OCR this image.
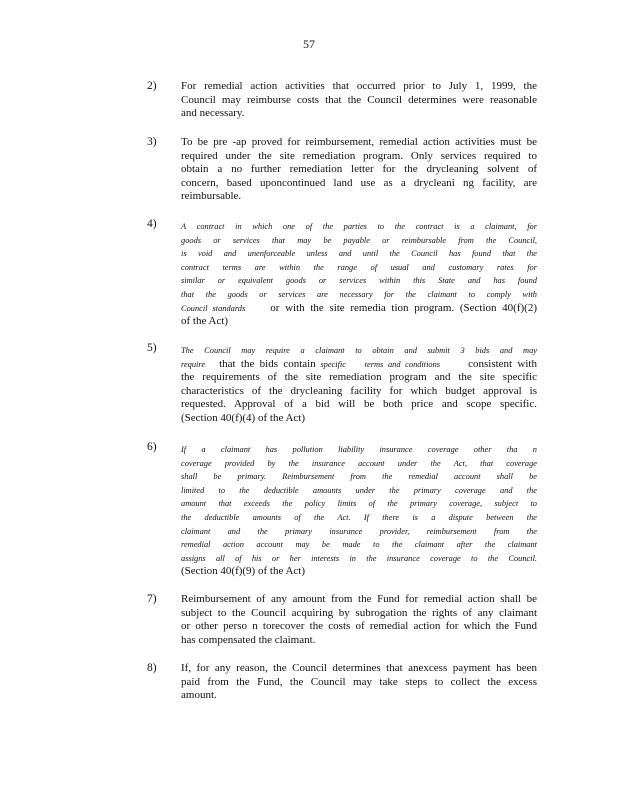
57
2) For remedial action activities that occurred prior to July 1, 1999, the
Council may reimburse costs that the Council determines were reasonable
and necessary.
3) To be pre -ap proved for reimbursement, remedial action activities must be
required under the site remediation program. Only services required to
obtain a no further remediation letter for the drycleaning solvent of
concern, based uponcontinued land use as a drycleani ng facility, are
reimbursable.
4)	A contract in which one of the parties to the contract is a claimant, for
goods or services that may be payable or reimbursable from the Council,
is void and unenforceable unless and until the Council has found that the
contract terms are within the range of usual and customary rates for
similar or equivalent goods or services within this State and has found
that the goods or services are necessary for the claimant to comply with
Council standards or with the site remedia tion program. (Section 40(f)(2)
of the Act)
5)	The Council may require a claimant to obtain and submit 3 bids and may
require that the bids contain specific terms and conditions	consistent with
the requirements of the site remediation program and the site specific
characteristics of the drycleaning facility for which budget approval is
requested. Approval of a bid will be both price and scope specific.
(Section 40(f)(4) of the Act)
6)	If a claimant has pollution liability insurance coverage other tha n
coverage provided by the insurance account under the Act, that coverage
shall be primary. Reimbursement from the remedial account shall be
limited to the deductible amounts under the primary coverage and the
amount that exceeds the policy limits of the primary coverage, subject to
the deductible amounts of the Act. If there is a dispute between the
claimant and the primary insurance provider, reimbursement from the
remedial action account may be made to the claimant after the claimant
assigns all of his or her interests in the insurance coverage to the Council.
(Section 40(f)(9) of the Act)
7) Reimbursement of any amount from the Fund for remedial action shall be
subject to the Council acquiring by subrogation the rights of any claimant
or other perso n torecover the costs of remedial action for which the Fund
has compensated the claimant.
8) If, for any reason, the Council determines that anexcess payment has been
paid from the Fund, the Council may take steps to collect the excess
amount.
